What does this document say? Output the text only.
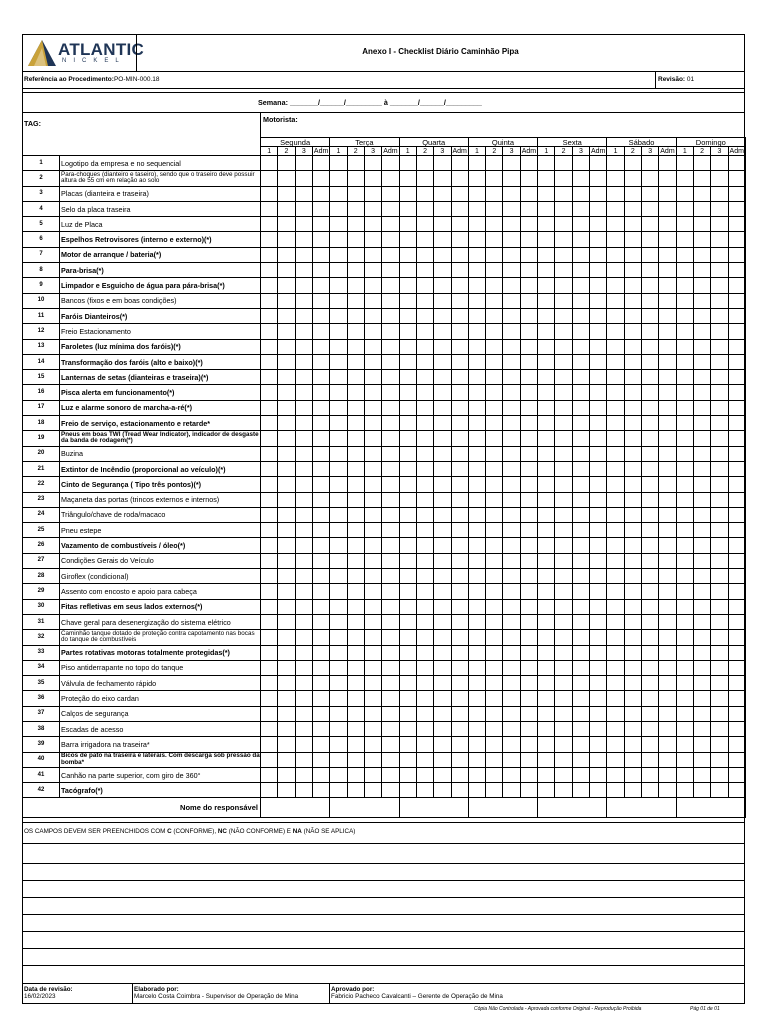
ATLANTIC
NICKEL
Anexo I - Checklist Diário Caminhão Pipa
Referência ao Procedimento:PO-MIN-000.18	Revisão: 01
Semana: _______/______/_________ à _______/______/_________
TAG:	Motorista:
		Segunda				Terça				Quarta				Quinta				Sexta				Sábado				Domingo			
		1	2	3	Adm	1	2	3	Adm	1	2	3	Adm	1	2	3	Adm	1	2	3	Adm	1	2	3	Adm	1	2	3	Adm
1	Logotipo da empresa e no sequencial																												
2	Para-choques (dianteiro e taseiro), sendo que o traseiro deve possuir altura de 55 cm em relação ao solo																												
3	Placas (dianteira e traseira)																												
4	Selo da placa traseira																												
5	Luz de Placa																												
6	Espelhos Retrovisores (interno e externo)(*)																												
7	Motor de arranque / bateria(*)																												
8	Para-brisa(*)																												
9	Limpador e Esguicho de água para pára-brisa(*)																												
10	Bancos (fixos e em boas condições)																												
11	Faróis Dianteiros(*)																												
12	Freio Estacionamento																												
13	Faroletes (luz mínima dos faróis)(*)																												
14	Transformação dos faróis (alto e baixo)(*)																												
15	Lanternas de setas (dianteiras e traseira)(*)																												
16	Pisca alerta em funcionamento(*)																												
17	Luz e alarme sonoro de marcha-a-ré(*)																												
18	Freio de serviço, estacionamento e retarde*																												
19	Pneus em boas TWI (Tread Wear Indicator), indicador de desgaste da banda de rodagem(*)																												
20	Buzina																												
21	Extintor de Incêndio (proporcional ao veículo)(*)																												
22	Cinto de Segurança ( Tipo três pontos)(*)																												
23	Maçaneta das portas (trincos externos e internos)																												
24	Triângulo/chave de roda/macaco																												
25	Pneu estepe																												
26	Vazamento de combustíveis / óleo(*)																												
27	Condições Gerais do Veículo																												
28	Giroflex (condicional)																												
29	Assento com encosto e apoio para cabeça																												
30	Fitas refletivas em seus lados externos(*)																												
31	Chave geral para desenergização do sistema elétrico																												
32	Caminhão tanque dotado de proteção contra capotamento nas bocas do tanque de combustíveis																												
33	Partes rotativas motoras totalmente protegidas(*)																												
34	Piso antiderrapante no topo do tanque																												
35	Válvula de fechamento rápido																												
36	Proteção do eixo cardan																												
37	Calços de segurança																												
38	Escadas de acesso																												
39	Barra irrigadora na traseira*																												
40	Bicos de pato na traseira e laterais. Com descarga sob pressão da bomba*																												
41	Canhão na parte superior, com giro de 360°																												
42	Tacógrafo(*)																												
Nome do responsável																													
OS CAMPOS DEVEM SER PREENCHIDOS COM C (CONFORME), NC (NÃO CONFORME) E NA (NÃO SE APLICA)
Data de revisão:
16/02/2023
Elaborado por:
Marcelo Costa Coimbra - Supervisor de Operação de Mina
Aprovado por:
Fabricio Pacheco Cavalcanti – Gerente de Operação de Mina
Cópia Não Controlada - Aprovada conforme Original - Reprodução Proibida	Pág 01 de 01
